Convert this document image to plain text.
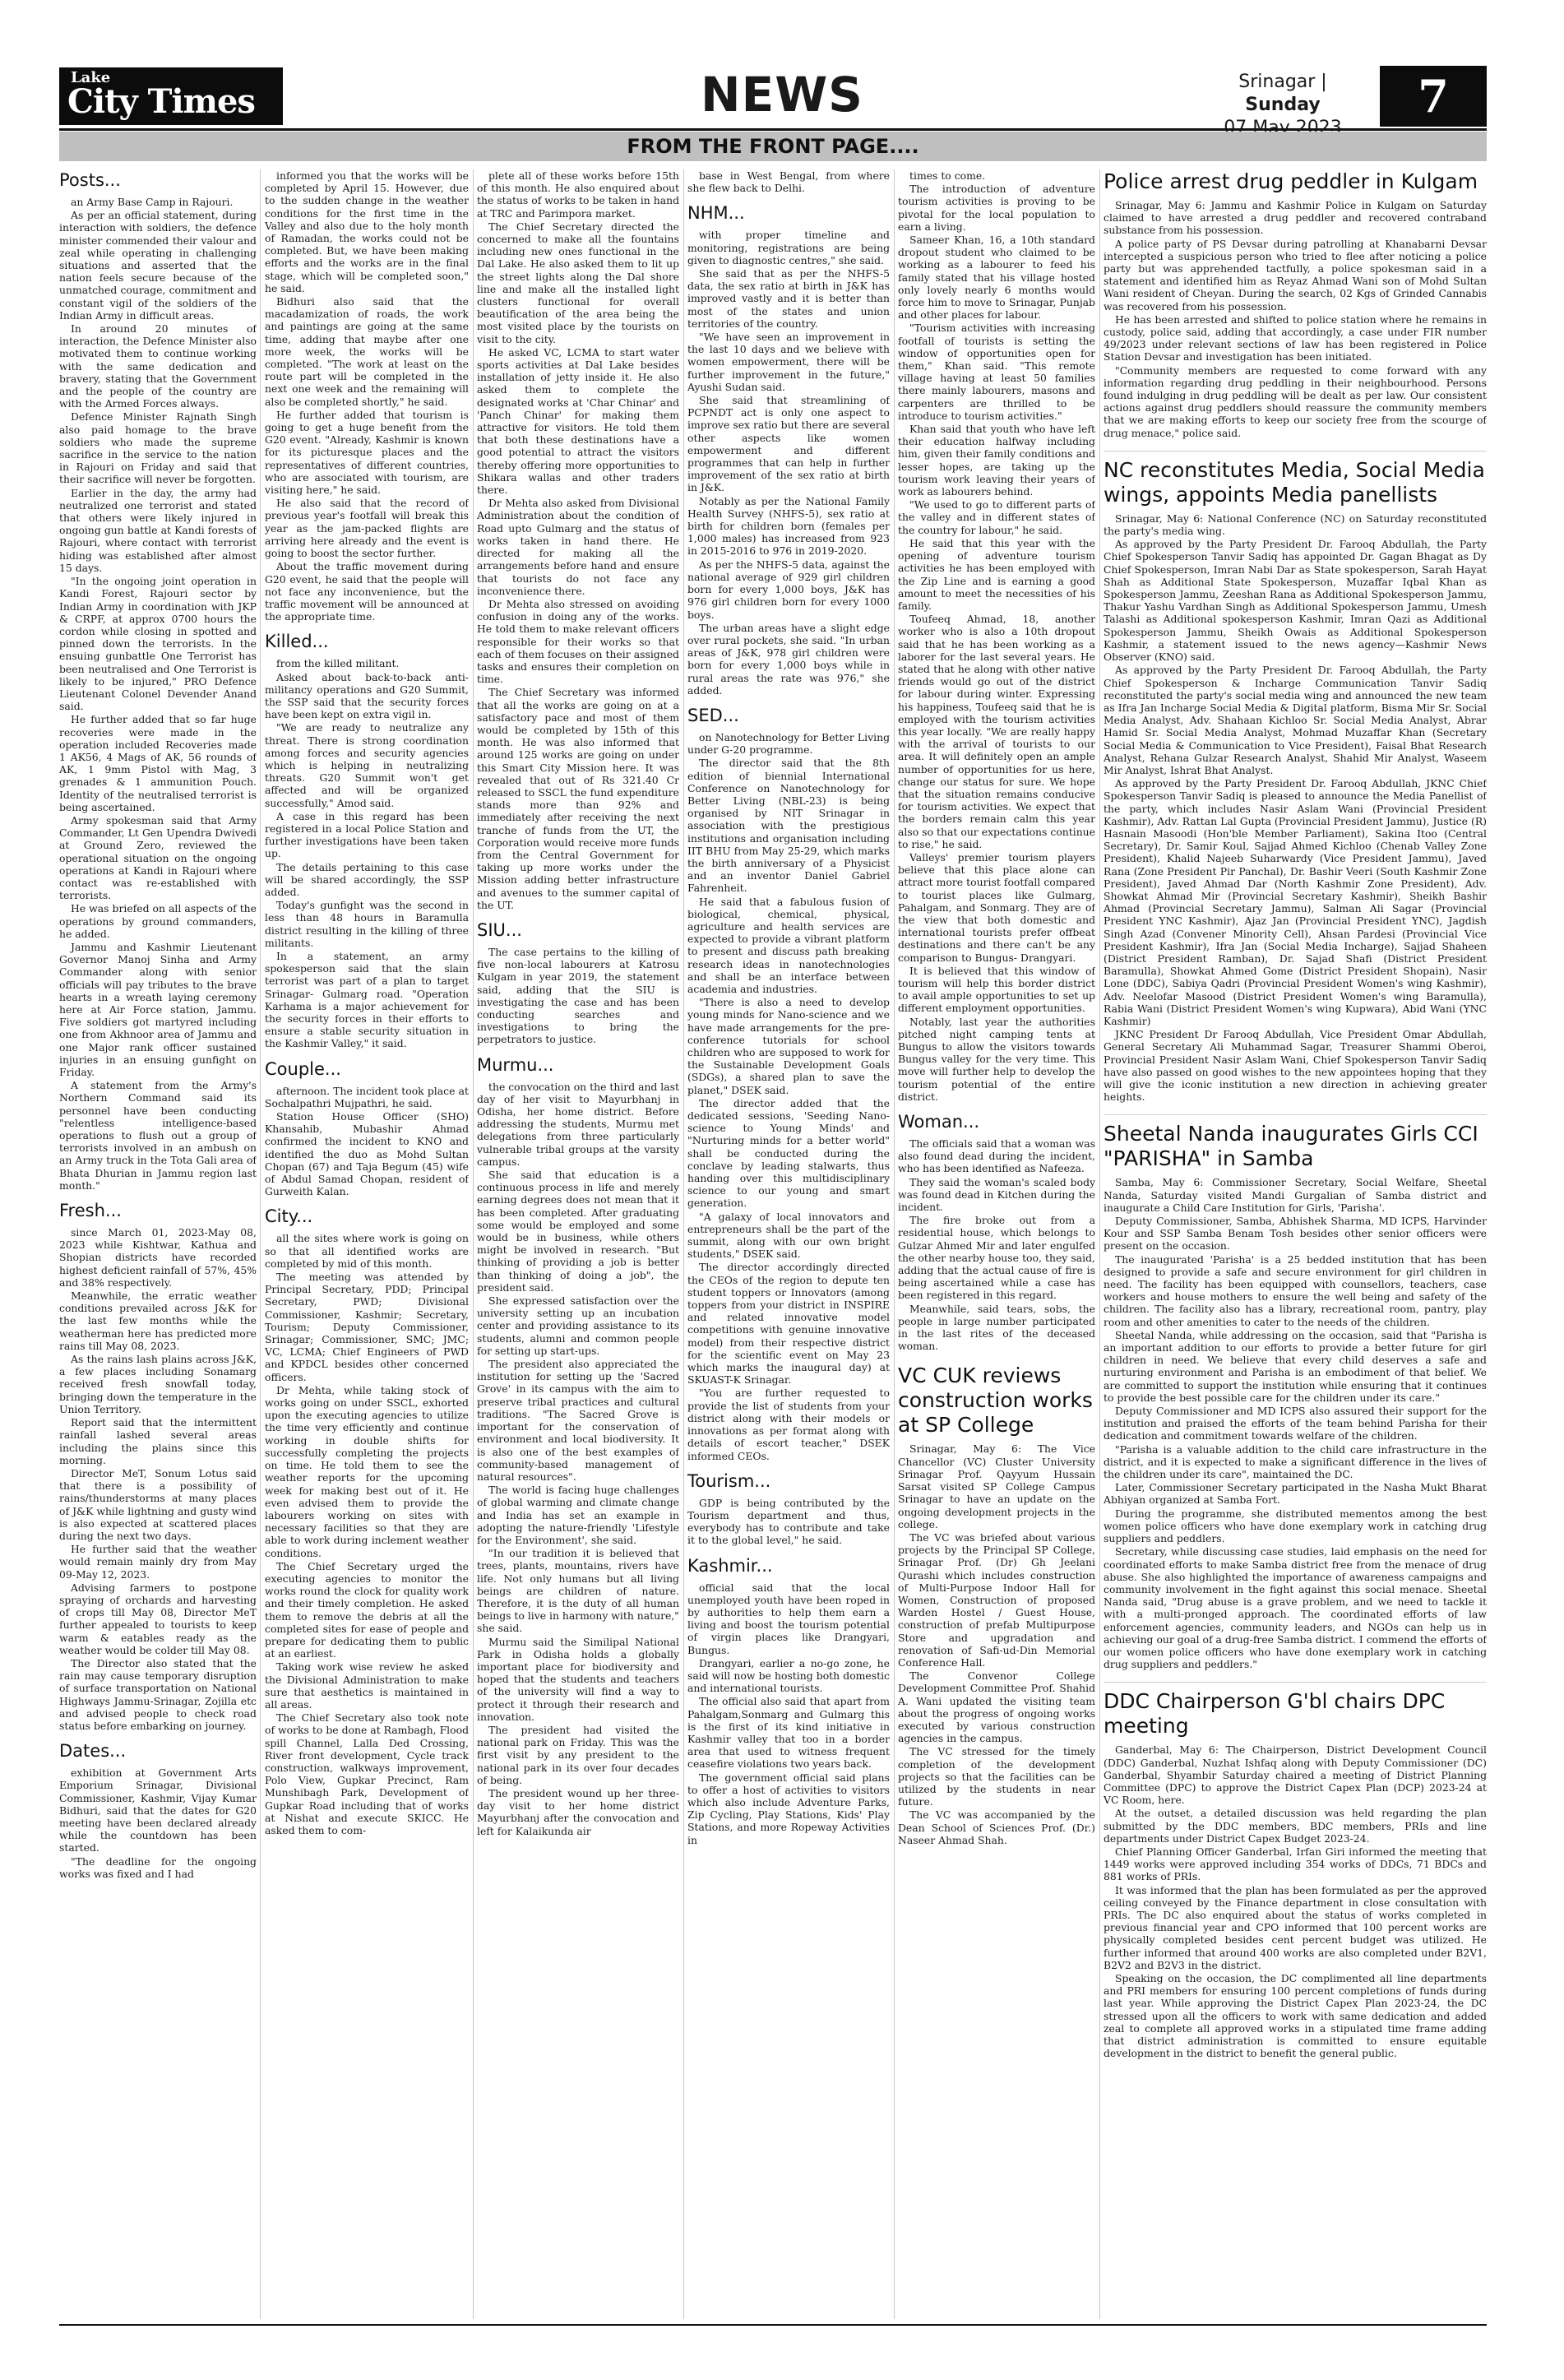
Lake
City Times	NEWS	Srinagar | Sunday	7
FROM THE FRONT PAGE....
Posts...

an Army Base Camp in Rajouri.

As per an official statement, during interaction with soldiers, the defence minister commended their valour and zeal while operating in challenging situations and asserted that the nation feels secure because of the unmatched courage, commitment and constant vigil of the soldiers of the Indian Army in difficult areas.

In around 20 minutes of interaction, the Defence Minister also motivated them to continue working with the same dedication and bravery, stating that the Government and the people of the country are with the Armed Forces always.

Defence Minister Rajnath Singh also paid homage to the brave soldiers who made the supreme sacrifice in the service to the nation in Rajouri on Friday and said that their sacrifice will never be forgotten.

Earlier in the day, the army had neutralized one terrorist and stated that others were likely injured in ongoing gun battle at Kandi forests of Rajouri, where contact with terrorist hiding was established after almost 15 days.

"In the ongoing joint operation in Kandi Forest, Rajouri sector by Indian Army in coordination with JKP & CRPF, at approx 0700 hours the cordon while closing in spotted and pinned down the terrorists. In the ensuing gunbattle One Terrorist has been neutralised and One Terrorist is likely to be injured," PRO Defence Lieutenant Colonel Devender Anand said.

He further added that so far huge recoveries were made in the operation included Recoveries made 1 AK56, 4 Mags of AK, 56 rounds of AK, 1 9mm Pistol with Mag, 3 grenades & 1 ammunition Pouch. Identity of the neutralised terrorist is being ascertained.

Army spokesman said that Army Commander, Lt Gen Upendra Dwivedi at Ground Zero, reviewed the operational situation on the ongoing operations at Kandi in Rajouri where contact was re-established with terrorists.

He was briefed on all aspects of the operations by ground commanders, he added.

Jammu and Kashmir Lieutenant Governor Manoj Sinha and Army Commander along with senior officials will pay tributes to the brave hearts in a wreath laying ceremony here at Air Force station, Jammu. Five soldiers got martyred including one from Akhnoor area of Jammu and one Major rank officer sustained injuries in an ensuing gunfight on Friday.

A statement from the Army's Northern Command said its personnel have been conducting "relentless intelligence-based operations to flush out a group of terrorists involved in an ambush on an Army truck in the Tota Gali area of Bhata Dhurian in Jammu region last month."

Fresh...

since March 01, 2023-May 08, 2023 while Kishtwar, Kathua and Shopian districts have recorded highest deficient rainfall of 57%, 45% and 38% respectively.

Meanwhile, the erratic weather conditions prevailed across J&K for the last few months while the weatherman here has predicted more rains till May 08, 2023.

As the rains lash plains across J&K, a few places including Sonamarg received fresh snowfall today, bringing down the temperature in the Union Territory.

Report said that the intermittent rainfall lashed several areas including the plains since this morning.

Director MeT, Sonum Lotus said that there is a possibility of rains/thunderstorms at many places of J&K while lightning and gusty wind is also expected at scattered places during the next two days.

He further said that the weather would remain mainly dry from May 09-May 12, 2023.

Advising farmers to postpone spraying of orchards and harvesting of crops till May 08, Director MeT further appealed to tourists to keep warm & eatables ready as the weather would be colder till May 08.

The Director also stated that the rain may cause temporary disruption of surface transportation on National Highways Jammu-Srinagar, Zojilla etc and advised people to check road status before embarking on journey.

Dates...

exhibition at Government Arts Emporium Srinagar, Divisional Commissioner, Kashmir, Vijay Kumar Bidhuri, said that the dates for G20 meeting have been declared already while the countdown has been started.

"The deadline for the ongoing works was fixed and I had

informed you that the works will be completed by April 15. However, due to the sudden change in the weather conditions for the first time in the Valley and also due to the holy month of Ramadan, the works could not be completed. But, we have been making efforts and the works are in the final stage, which will be completed soon," he said.

Bidhuri also said that the macadamization of roads, the work and paintings are going at the same time, adding that maybe after one more week, the works will be completed. "The work at least on the route part will be completed in the next one week and the remaining will also be completed shortly," he said.

He further added that tourism is going to get a huge benefit from the G20 event. "Already, Kashmir is known for its picturesque places and the representatives of different countries, who are associated with tourism, are visiting here," he said.

He also said that the record of previous year's footfall will break this year as the jam-packed flights are arriving here already and the event is going to boost the sector further.

About the traffic movement during G20 event, he said that the people will not face any inconvenience, but the traffic movement will be announced at the appropriate time.

Killed...

from the killed militant.

Asked about back-to-back anti-militancy operations and G20 Summit, the SSP said that the security forces have been kept on extra vigil in.

"We are ready to neutralize any threat. There is strong coordination among forces and security agencies which is helping in neutralizing threats. G20 Summit won't get affected and will be organized successfully," Amod said.

A case in this regard has been registered in a local Police Station and further investigations have been taken up.

The details pertaining to this case will be shared accordingly, the SSP added.

Today's gunfight was the second in less than 48 hours in Baramulla district resulting in the killing of three militants.

In a statement, an army spokesperson said that the slain terrorist was part of a plan to target Srinagar- Gulmarg road. "Operation Karhama is a major achievement for the security forces in their efforts to ensure a stable security situation in the Kashmir Valley," it said.

Couple...

afternoon. The incident took place at Sochalpathri Mujpathri, he said.

Station House Officer (SHO) Khansahib, Mubashir Ahmad confirmed the incident to KNO and identified the duo as Mohd Sultan Chopan (67) and Taja Begum (45) wife of Abdul Samad Chopan, resident of Gurweith Kalan.

City...

all the sites where work is going on so that all identified works are completed by mid of this month.

The meeting was attended by Principal Secretary, PDD; Principal Secretary, PWD; Divisional Commissioner, Kashmir; Secretary, Tourism; Deputy Commissioner, Srinagar; Commissioner, SMC; JMC; VC, LCMA; Chief Engineers of PWD and KPDCL besides other concerned officers.

Dr Mehta, while taking stock of works going on under SSCL, exhorted upon the executing agencies to utilize the time very efficiently and continue working in double shifts for successfully completing the projects on time. He told them to see the weather reports for the upcoming week for making best out of it. He even advised them to provide the labourers working on sites with necessary facilities so that they are able to work during inclement weather conditions.

The Chief Secretary urged the executing agencies to monitor the works round the clock for quality work and their timely completion. He asked them to remove the debris at all the completed sites for ease of people and prepare for dedicating them to public at an earliest.

Taking work wise review he asked the Divisional Administration to make sure that aesthetics is maintained in all areas.

The Chief Secretary also took note of works to be done at Rambagh, Flood spill Channel, Lalla Ded Crossing, River front development, Cycle track construction, walkways improvement, Polo View, Gupkar Precinct, Ram Munshibagh Park, Development of Gupkar Road including that of works at Nishat and execute SKICC. He asked them to com-

plete all of these works before 15th of this month. He also enquired about the status of works to be taken in hand at TRC and Parimpora market.

The Chief Secretary directed the concerned to make all the fountains including new ones functional in the Dal Lake. He also asked them to lit up the street lights along the Dal shore line and make all the installed light clusters functional for overall beautification of the area being the most visited place by the tourists on visit to the city.

He asked VC, LCMA to start water sports activities at Dal Lake besides installation of jetty inside it. He also asked them to complete the designated works at 'Char Chinar' and 'Panch Chinar' for making them attractive for visitors. He told them that both these destinations have a good potential to attract the visitors thereby offering more opportunities to Shikara wallas and other traders there.

Dr Mehta also asked from Divisional Administration about the condition of Road upto Gulmarg and the status of works taken in hand there. He directed for making all the arrangements before hand and ensure that tourists do not face any inconvenience there.

Dr Mehta also stressed on avoiding confusion in doing any of the works. He told them to make relevant officers responsible for their works so that each of them focuses on their assigned tasks and ensures their completion on time.

The Chief Secretary was informed that all the works are going on at a satisfactory pace and most of them would be completed by 15th of this month. He was also informed that around 125 works are going on under this Smart City Mission here. It was revealed that out of Rs 321.40 Cr released to SSCL the fund expenditure stands more than 92% and immediately after receiving the next tranche of funds from the UT, the Corporation would receive more funds from the Central Government for taking up more works under the Mission adding better infrastructure and avenues to the summer capital of the UT.

SIU...

The case pertains to the killing of five non-local labourers at Katrosu Kulgam in year 2019, the statement said, adding that the SIU is investigating the case and has been conducting searches and investigations to bring the perpetrators to justice.

Murmu...

the convocation on the third and last day of her visit to Mayurbhanj in Odisha, her home district. Before addressing the students, Murmu met delegations from three particularly vulnerable tribal groups at the varsity campus.

She said that education is a continuous process in life and merely earning degrees does not mean that it has been completed. After graduating some would be employed and some would be in business, while others might be involved in research. "But thinking of providing a job is better than thinking of doing a job", the president said.

She expressed satisfaction over the university setting up an incubation center and providing assistance to its students, alumni and common people for setting up start-ups.

The president also appreciated the institution for setting up the 'Sacred Grove' in its campus with the aim to preserve tribal practices and cultural traditions. "The Sacred Grove is important for the conservation of environment and local biodiversity. It is also one of the best examples of community-based management of natural resources".

The world is facing huge challenges of global warming and climate change and India has set an example in adopting the nature-friendly 'Lifestyle for the Environment', she said.

"In our tradition it is believed that trees, plants, mountains, rivers have life. Not only humans but all living beings are children of nature. Therefore, it is the duty of all human beings to live in harmony with nature," she said.

Murmu said the Similipal National Park in Odisha holds a globally important place for biodiversity and hoped that the students and teachers of the university will find a way to protect it through their research and innovation.

The president had visited the national park on Friday. This was the first visit by any president to the national park in its over four decades of being.

The president wound up her three-day visit to her home district Mayurbhanj after the convocation and left for Kalaikunda air

base in West Bengal, from where she flew back to Delhi.

NHM...

with proper timeline and monitoring, registrations are being given to diagnostic centres," she said.

She said that as per the NHFS-5 data, the sex ratio at birth in J&K has improved vastly and it is better than most of the states and union territories of the country.

"We have seen an improvement in the last 10 days and we believe with women empowerment, there will be further improvement in the future," Ayushi Sudan said.

She said that streamlining of PCPNDT act is only one aspect to improve sex ratio but there are several other aspects like women empowerment and different programmes that can help in further improvement of the sex ratio at birth in J&K.

Notably as per the National Family Health Survey (NHFS-5), sex ratio at birth for children born (females per 1,000 males) has increased from 923 in 2015-2016 to 976 in 2019-2020.

As per the NHFS-5 data, against the national average of 929 girl children born for every 1,000 boys, J&K has 976 girl children born for every 1000 boys.

The urban areas have a slight edge over rural pockets, she said. "In urban areas of J&K, 978 girl children were born for every 1,000 boys while in rural areas the rate was 976," she added.

SED...

on Nanotechnology for Better Living under G-20 programme.

The director said that the 8th edition of biennial International Conference on Nanotechnology for Better Living (NBL-23) is being organised by NIT Srinagar in association with the prestigious institutions and organisation including IIT BHU from May 25-29, which marks the birth anniversary of a Physicist and an inventor Daniel Gabriel Fahrenheit.

He said that a fabulous fusion of biological, chemical, physical, agriculture and health services are expected to provide a vibrant platform to present and discuss path breaking research ideas in nanotechnologies and shall be an interface between academia and industries.

"There is also a need to develop young minds for Nano-science and we have made arrangements for the pre-conference tutorials for school children who are supposed to work for the Sustainable Development Goals (SDGs), a shared plan to save the planet," DSEK said.

The director added that the dedicated sessions, 'Seeding Nano-science to Young Minds' and "Nurturing minds for a better world" shall be conducted during the conclave by leading stalwarts, thus handing over this multidisciplinary science to our young and smart generation.

"A galaxy of local innovators and entrepreneurs shall be the part of the summit, along with our own bright students," DSEK said.

The director accordingly directed the CEOs of the region to depute ten student toppers or Innovators (among toppers from your district in INSPIRE and related innovative model competitions with genuine innovative model) from their respective district for the scientific event on May 23 which marks the inaugural day) at SKUAST-K Srinagar.

"You are further requested to provide the list of students from your district along with their models or innovations as per format along with details of escort teacher," DSEK informed CEOs.

Tourism...

GDP is being contributed by the Tourism department and thus, everybody has to contribute and take it to the global level," he said.

Kashmir...

official said that the local unemployed youth have been roped in by authorities to help them earn a living and boost the tourism potential of virgin places like Drangyari, Bungus.

Drangyari, earlier a no-go zone, he said will now be hosting both domestic and international tourists.

The official also said that apart from Pahalgam,Sonmarg and Gulmarg this is the first of its kind initiative in Kashmir valley that too in a border area that used to witness frequent ceasefire violations two years back.

The government official said plans to offer a host of activities to visitors which also include Adventure Parks, Zip Cycling, Play Stations, Kids' Play Stations, and more Ropeway Activities in

times to come.

The introduction of adventure tourism activities is proving to be pivotal for the local population to earn a living.

Sameer Khan, 16, a 10th standard dropout student who claimed to be working as a labourer to feed his family stated that his village hosted only lovely nearly 6 months would force him to move to Srinagar, Punjab and other places for labour.

"Tourism activities with increasing footfall of tourists is setting the window of opportunities open for them," Khan said. "This remote village having at least 50 families there mainly labourers, masons and carpenters are thrilled to be introduce to tourism activities."

Khan said that youth who have left their education halfway including him, given their family conditions and lesser hopes, are taking up the tourism work leaving their years of work as labourers behind.

"We used to go to different parts of the valley and in different states of the country for labour," he said.

He said that this year with the opening of adventure tourism activities he has been employed with the Zip Line and is earning a good amount to meet the necessities of his family.

Toufeeq Ahmad, 18, another worker who is also a 10th dropout said that he has been working as a laborer for the last several years. He stated that he along with other native friends would go out of the district for labour during winter. Expressing his happiness, Toufeeq said that he is employed with the tourism activities this year locally. "We are really happy with the arrival of tourists to our area. It will definitely open an ample number of opportunities for us here, change our status for sure. We hope that the situation remains conducive for tourism activities. We expect that the borders remain calm this year also so that our expectations continue to rise," he said.

Valleys' premier tourism players believe that this place alone can attract more tourist footfall compared to tourist places like Gulmarg, Pahalgam, and Sonmarg. They are of the view that both domestic and international tourists prefer offbeat destinations and there can't be any comparison to Bungus- Drangyari.

It is believed that this window of tourism will help this border district to avail ample opportunities to set up different employment opportunities.

Notably, last year the authorities pitched night camping tents at Bungus to allow the visitors towards Bungus valley for the very time. This move will further help to develop the tourism potential of the entire district.

Woman...

The officials said that a woman was also found dead during the incident, who has been identified as Nafeeza.

They said the woman's scaled body was found dead in Kitchen during the incident.

The fire broke out from a residential house, which belongs to Gulzar Ahmed Mir and later engulfed the other nearby house too, they said, adding that the actual cause of fire is being ascertained while a case has been registered in this regard.

Meanwhile, said tears, sobs, the people in large number participated in the last rites of the deceased woman.

VC CUK reviews construction works at SP College

Srinagar, May 6: The Vice Chancellor (VC) Cluster University Srinagar Prof. Qayyum Hussain Sarsat visited SP College Campus Srinagar to have an update on the ongoing development projects in the college.

The VC was briefed about various projects by the Principal SP College, Srinagar Prof. (Dr) Gh Jeelani Qurashi which includes construction of Multi-Purpose Indoor Hall for Women, Construction of proposed Warden Hostel / Guest House, construction of prefab Multipurpose Store and upgradation and renovation of Safi-ud-Din Memorial Conference Hall.

The Convenor College Development Committee Prof. Shahid A. Wani updated the visiting team about the progress of ongoing works executed by various construction agencies in the campus.

The VC stressed for the timely completion of the development projects so that the facilities can be utilized by the students in near future.

The VC was accompanied by the Dean School of Sciences Prof. (Dr.) Naseer Ahmad Shah.

Police arrest drug peddler in Kulgam

Srinagar, May 6: Jammu and Kashmir Police in Kulgam on Saturday claimed to have arrested a drug peddler and recovered contraband substance from his possession.

A police party of PS Devsar during patrolling at Khanabarni Devsar intercepted a suspicious person who tried to flee after noticing a police party but was apprehended tactfully, a police spokesman said in a statement and identified him as Reyaz Ahmad Wani son of Mohd Sultan Wani resident of Cheyan. During the search, 02 Kgs of Grinded Cannabis was recovered from his possession.

He has been arrested and shifted to police station where he remains in custody, police said, adding that accordingly, a case under FIR number 49/2023 under relevant sections of law has been registered in Police Station Devsar and investigation has been initiated.

"Community members are requested to come forward with any information regarding drug peddling in their neighbourhood. Persons found indulging in drug peddling will be dealt as per law. Our consistent actions against drug peddlers should reassure the community members that we are making efforts to keep our society free from the scourge of drug menace," police said.

NC reconstitutes Media, Social Media wings, appoints Media panellists

Srinagar, May 6: National Conference (NC) on Saturday reconstituted the party's media wing.

As approved by the Party President Dr. Farooq Abdullah, the Party Chief Spokesperson Tanvir Sadiq has appointed Dr. Gagan Bhagat as Dy Chief Spokesperson, Imran Nabi Dar as State spokesperson, Sarah Hayat Shah as Additional State Spokesperson, Muzaffar Iqbal Khan as Spokesperson Jammu, Zeeshan Rana as Additional Spokesperson Jammu, Thakur Yashu Vardhan Singh as Additional Spokesperson Jammu, Umesh Talashi as Additional spokesperson Kashmir, Imran Qazi as Additional Spokesperson Jammu, Sheikh Owais as Additional Spokesperson Kashmir, a statement issued to the news agency—Kashmir News Observer (KNO) said.

As approved by the Party President Dr. Farooq Abdullah, the Party Chief Spokesperson & Incharge Communication Tanvir Sadiq reconstituted the party's social media wing and announced the new team as Ifra Jan Incharge Social Media & Digital platform, Bisma Mir Sr. Social Media Analyst, Adv. Shahaan Kichloo Sr. Social Media Analyst, Abrar Hamid Sr. Social Media Analyst, Mohmad Muzaffar Khan (Secretary Social Media & Communication to Vice President), Faisal Bhat Research Analyst, Rehana Gulzar Research Analyst, Shahid Mir Analyst, Waseem Mir Analyst, Ishrat Bhat Analyst.

As approved by the Party President Dr. Farooq Abdullah, JKNC Chief Spokesperson Tanvir Sadiq is pleased to announce the Media Panellist of the party, which includes Nasir Aslam Wani (Provincial President Kashmir), Adv. Rattan Lal Gupta (Provincial President Jammu), Justice (R) Hasnain Masoodi (Hon'ble Member Parliament), Sakina Itoo (Central Secretary), Dr. Samir Koul, Sajjad Ahmed Kichloo (Chenab Valley Zone President), Khalid Najeeb Suharwardy (Vice President Jammu), Javed Rana (Zone President Pir Panchal), Dr. Bashir Veeri (South Kashmir Zone President), Javed Ahmad Dar (North Kashmir Zone President), Adv. Showkat Ahmad Mir (Provincial Secretary Kashmir), Sheikh Bashir Ahmad (Provincial Secretary Jammu), Salman Ali Sagar (Provincial President YNC Kashmir), Ajaz Jan (Provincial President YNC), Jagdish Singh Azad (Convener Minority Cell), Ahsan Pardesi (Provincial Vice President Kashmir), Ifra Jan (Social Media Incharge), Sajjad Shaheen (District President Ramban), Dr. Sajad Shafi (District President Baramulla), Showkat Ahmed Gome (District President Shopain), Nasir Lone (DDC), Sabiya Qadri (Provincial President Women's wing Kashmir), Adv. Neelofar Masood (District President Women's wing Baramulla), Rabia Wani (District President Women's wing Kupwara), Abid Wani (YNC Kashmir)

JKNC President Dr Farooq Abdullah, Vice President Omar Abdullah, General Secretary Ali Muhammad Sagar, Treasurer Shammi Oberoi, Provincial President Nasir Aslam Wani, Chief Spokesperson Tanvir Sadiq have also passed on good wishes to the new appointees hoping that they will give the iconic institution a new direction in achieving greater heights.

Sheetal Nanda inaugurates Girls CCI "PARISHA" in Samba

Samba, May 6: Commissioner Secretary, Social Welfare, Sheetal Nanda, Saturday visited Mandi Gurgalian of Samba district and inaugurate a Child Care Institution for Girls, 'Parisha'.

Deputy Commissioner, Samba, Abhishek Sharma, MD ICPS, Harvinder Kour and SSP Samba Benam Tosh besides other senior officers were present on the occasion.

The inaugurated 'Parisha' is a 25 bedded institution that has been designed to provide a safe and secure environment for girl children in need. The facility has been equipped with counsellors, teachers, case workers and house mothers to ensure the well being and safety of the children. The facility also has a library, recreational room, pantry, play room and other amenities to cater to the needs of the children.

Sheetal Nanda, while addressing on the occasion, said that "Parisha is an important addition to our efforts to provide a better future for girl children in need. We believe that every child deserves a safe and nurturing environment and Parisha is an embodiment of that belief. We are committed to support the institution while ensuring that it continues to provide the best possible care for the children under its care."

Deputy Commissioner and MD ICPS also assured their support for the institution and praised the efforts of the team behind Parisha for their dedication and commitment towards welfare of the children.

"Parisha is a valuable addition to the child care infrastructure in the district, and it is expected to make a significant difference in the lives of the children under its care", maintained the DC.

Later, Commissioner Secretary participated in the Nasha Mukt Bharat Abhiyan organized at Samba Fort.

During the programme, she distributed mementos among the best women police officers who have done exemplary work in catching drug suppliers and peddlers.

Secretary, while discussing case studies, laid emphasis on the need for coordinated efforts to make Samba district free from the menace of drug abuse. She also highlighted the importance of awareness campaigns and community involvement in the fight against this social menace. Sheetal Nanda said, "Drug abuse is a grave problem, and we need to tackle it with a multi-pronged approach. The coordinated efforts of law enforcement agencies, community leaders, and NGOs can help us in achieving our goal of a drug-free Samba district. I commend the efforts of our women police officers who have done exemplary work in catching drug suppliers and peddlers."

DDC Chairperson G'bl chairs DPC meeting

Ganderbal, May 6: The Chairperson, District Development Council (DDC) Ganderbal, Nuzhat Ishfaq along with Deputy Commissioner (DC) Ganderbal, Shyambir Saturday chaired a meeting of District Planning Committee (DPC) to approve the District Capex Plan (DCP) 2023-24 at VC Room, here.

At the outset, a detailed discussion was held regarding the plan submitted by the DDC members, BDC members, PRIs and line departments under District Capex Budget 2023-24.

Chief Planning Officer Ganderbal, Irfan Giri informed the meeting that 1449 works were approved including 354 works of DDCs, 71 BDCs and 881 works of PRIs.

It was informed that the plan has been formulated as per the approved ceiling conveyed by the Finance department in close consultation with PRIs. The DC also enquired about the status of works completed in previous financial year and CPO informed that 100 percent works are physically completed besides cent percent budget was utilized. He further informed that around 400 works are also completed under B2V1, B2V2 and B2V3 in the district.

Speaking on the occasion, the DC complimented all line departments and PRI members for ensuring 100 percent completions of funds during last year. While approving the District Capex Plan 2023-24, the DC stressed upon all the officers to work with same dedication and added zeal to complete all approved works in a stipulated time frame adding that district administration is committed to ensure equitable development in the district to benefit the general public.
